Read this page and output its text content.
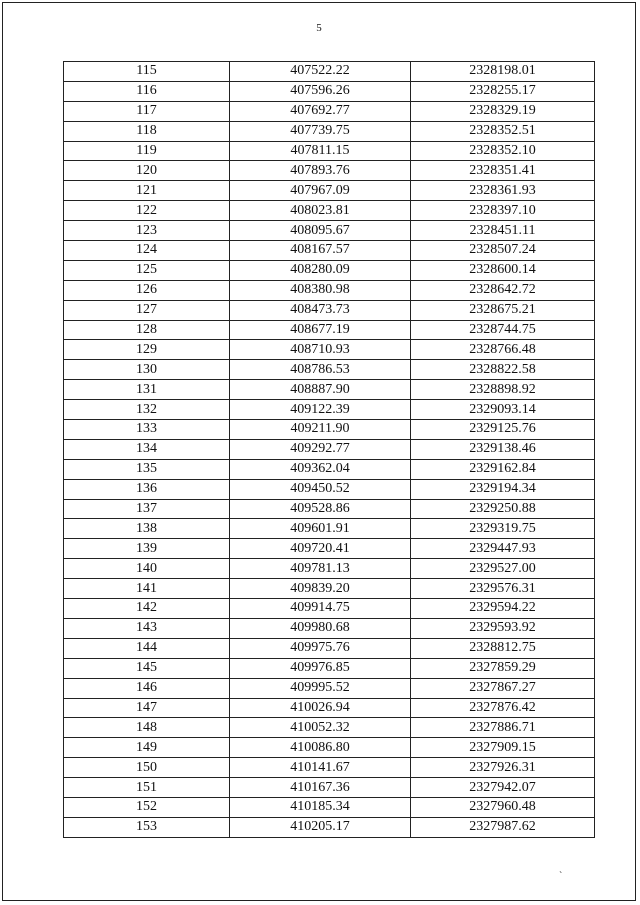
5
115	407522.22	2328198.01
116	407596.26	2328255.17
117	407692.77	2328329.19
118	407739.75	2328352.51
119	407811.15	2328352.10
120	407893.76	2328351.41
121	407967.09	2328361.93
122	408023.81	2328397.10
123	408095.67	2328451.11
124	408167.57	2328507.24
125	408280.09	2328600.14
126	408380.98	2328642.72
127	408473.73	2328675.21
128	408677.19	2328744.75
129	408710.93	2328766.48
130	408786.53	2328822.58
131	408887.90	2328898.92
132	409122.39	2329093.14
133	409211.90	2329125.76
134	409292.77	2329138.46
135	409362.04	2329162.84
136	409450.52	2329194.34
137	409528.86	2329250.88
138	409601.91	2329319.75
139	409720.41	2329447.93
140	409781.13	2329527.00
141	409839.20	2329576.31
142	409914.75	2329594.22
143	409980.68	2329593.92
144	409975.76	2328812.75
145	409976.85	2327859.29
146	409995.52	2327867.27
147	410026.94	2327876.42
148	410052.32	2327886.71
149	410086.80	2327909.15
150	410141.67	2327926.31
151	410167.36	2327942.07
152	410185.34	2327960.48
153	410205.17	2327987.62
`
